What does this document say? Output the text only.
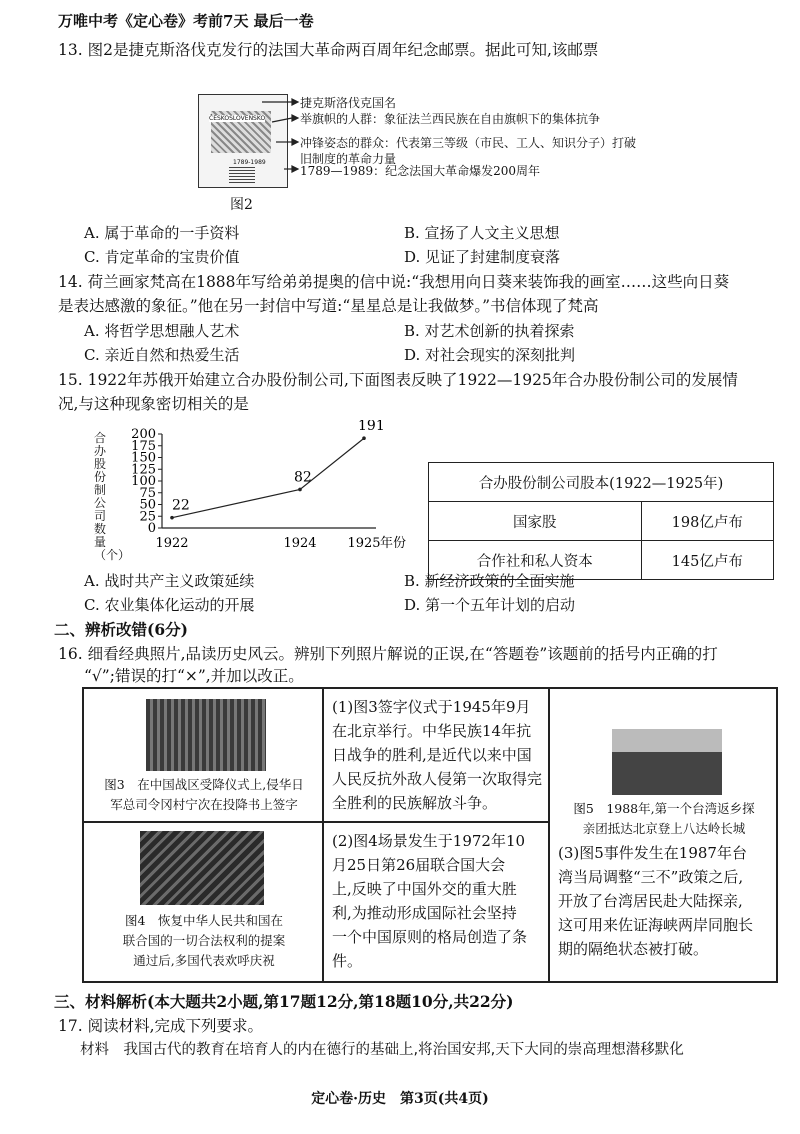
万唯中考《定心卷》考前7天 最后一卷
13. 图2是捷克斯洛伐克发行的法国大革命两百周年纪念邮票。据此可知,该邮票
ČESKOSLOVENSKO
1789-1989
捷克斯洛伐克国名
举旗帜的人群：象征法兰西民族在自由旗帜下的集体抗争
冲锋姿态的群众：代表第三等级（市民、工人、知识分子）打破
旧制度的革命力量
1789—1989：纪念法国大革命爆发200周年
图2
A. 属于革命的一手资料	B. 宣扬了人文主义思想
C. 肯定革命的宝贵价值	D. 见证了封建制度衰落
14. 荷兰画家梵高在1888年写给弟弟提奥的信中说:“我想用向日葵来装饰我的画室……这些向日葵
是表达感激的象征。”他在另一封信中写道:“星星总是让我做梦。”书信体现了梵高
A. 将哲学思想融人艺术	B. 对艺术创新的执着探索
C. 亲近自然和热爱生活	D. 对社会现实的深刻批判
15. 1922年苏俄开始建立合办股份制公司,下面图表反映了1922—1925年合办股份制公司的发展情
况,与这种现象密切相关的是
合办股份制公司数量（个）
0
25
50
75
100
125
150
175
200
1922	1924 1925
22
82
191
年份
合办股份制公司股本(1922—1925年)	
国家股	198亿卢布
合作社和私人资本	145亿卢布
A. 战时共产主义政策延续	B. 新经济政策的全面实施
C. 农业集体化运动的开展	D. 第一个五年计划的启动
二、辨析改错(6分)
16. 细看经典照片,品读历史风云。辨别下列照片解说的正误,在“答题卷”该题前的括号内正确的打
“√”;错误的打“×”,并加以改正。
图3　在中国战区受降仪式上,侵华日
军总司令冈村宁次在投降书上签字
(1)图3签字仪式于1945年9月
在北京举行。中华民族14年抗
日战争的胜利,是近代以来中国
人民反抗外敌人侵第一次取得完
全胜利的民族解放斗争。
图4　恢复中华人民共和国在
联合国的一切合法权利的提案
通过后,多国代表欢呼庆祝
(2)图4场景发生于1972年10
月25日第26届联合国大会
上,反映了中国外交的重大胜
利,为推动形成国际社会坚持
一个中国原则的格局创造了条
件。
图5　1988年,第一个台湾返乡探
亲团抵达北京登上八达岭长城
(3)图5事件发生在1987年台
湾当局调整“三不”政策之后,
开放了台湾居民赴大陆探亲,
这可用来佐证海峡两岸同胞长
期的隔绝状态被打破。
三、材料解析(本大题共2小题,第17题12分,第18题10分,共22分)
17. 阅读材料,完成下列要求。
材料　我国古代的教育在培育人的内在德行的基础上,将治国安邦,天下大同的崇高理想潜移默化
定心卷·历史　第3页(共4页)
